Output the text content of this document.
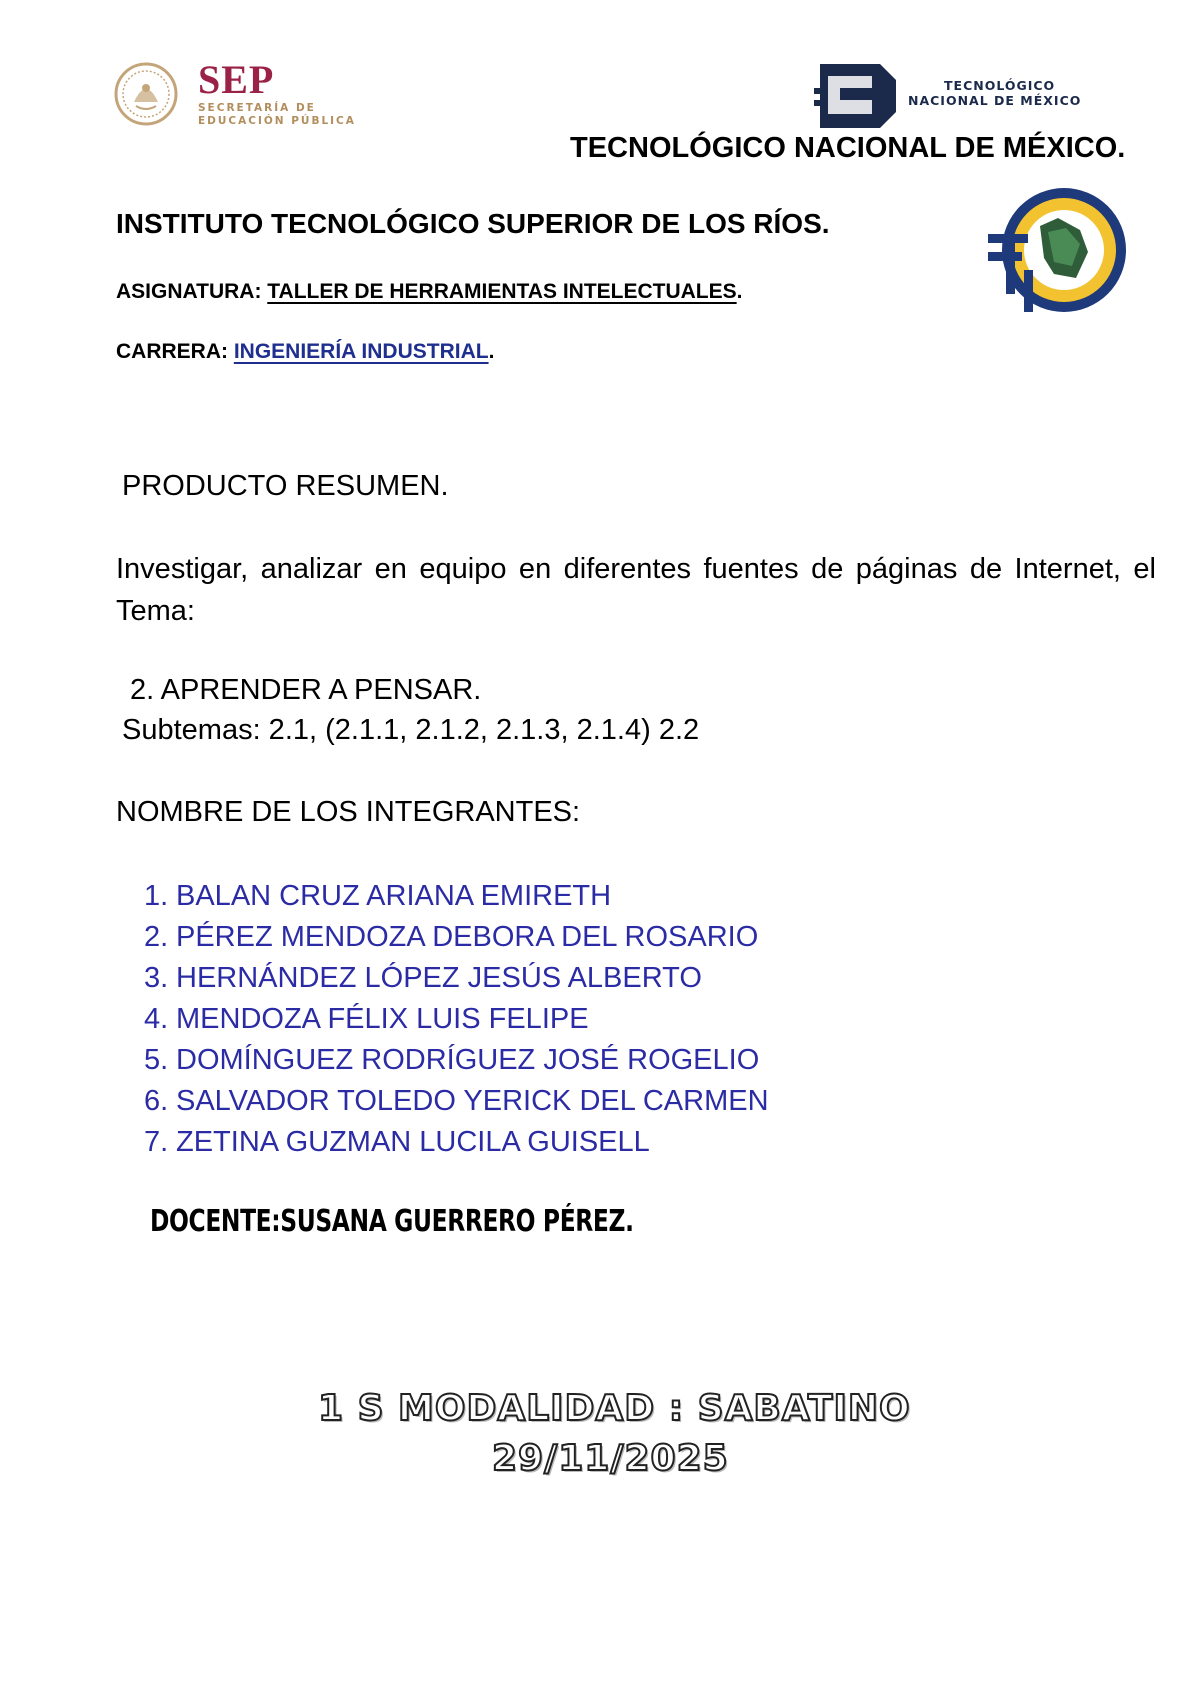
SEP
SECRETARÍA DE
EDUCACIÓN PÚBLICA
TECNOLÓGICO
NACIONAL DE MÉXICO
TECNOLÓGICO NACIONAL DE MÉXICO.
INSTITUTO TECNOLÓGICO SUPERIOR DE LOS RÍOS.
ASIGNATURA: TALLER DE HERRAMIENTAS INTELECTUALES.
CARRERA: INGENIERÍA INDUSTRIAL.
PRODUCTO RESUMEN.
Investigar, analizar en equipo en diferentes fuentes de páginas de Internet, el Tema:
2. APRENDER A PENSAR.
Subtemas: 2.1, (2.1.1, 2.1.2, 2.1.3, 2.1.4) 2.2
NOMBRE DE LOS INTEGRANTES:
1. BALAN CRUZ ARIANA EMIRETH
2. PÉREZ MENDOZA DEBORA DEL ROSARIO
3. HERNÁNDEZ LÓPEZ JESÚS ALBERTO
4. MENDOZA FÉLIX LUIS FELIPE
5. DOMÍNGUEZ RODRÍGUEZ JOSÉ ROGELIO
6. SALVADOR TOLEDO YERICK DEL CARMEN
7. ZETINA GUZMAN LUCILA GUISELL
DOCENTE:SUSANA GUERRERO PÉREZ.
1 S MODALIDAD : SABATINO
29/11/2025
